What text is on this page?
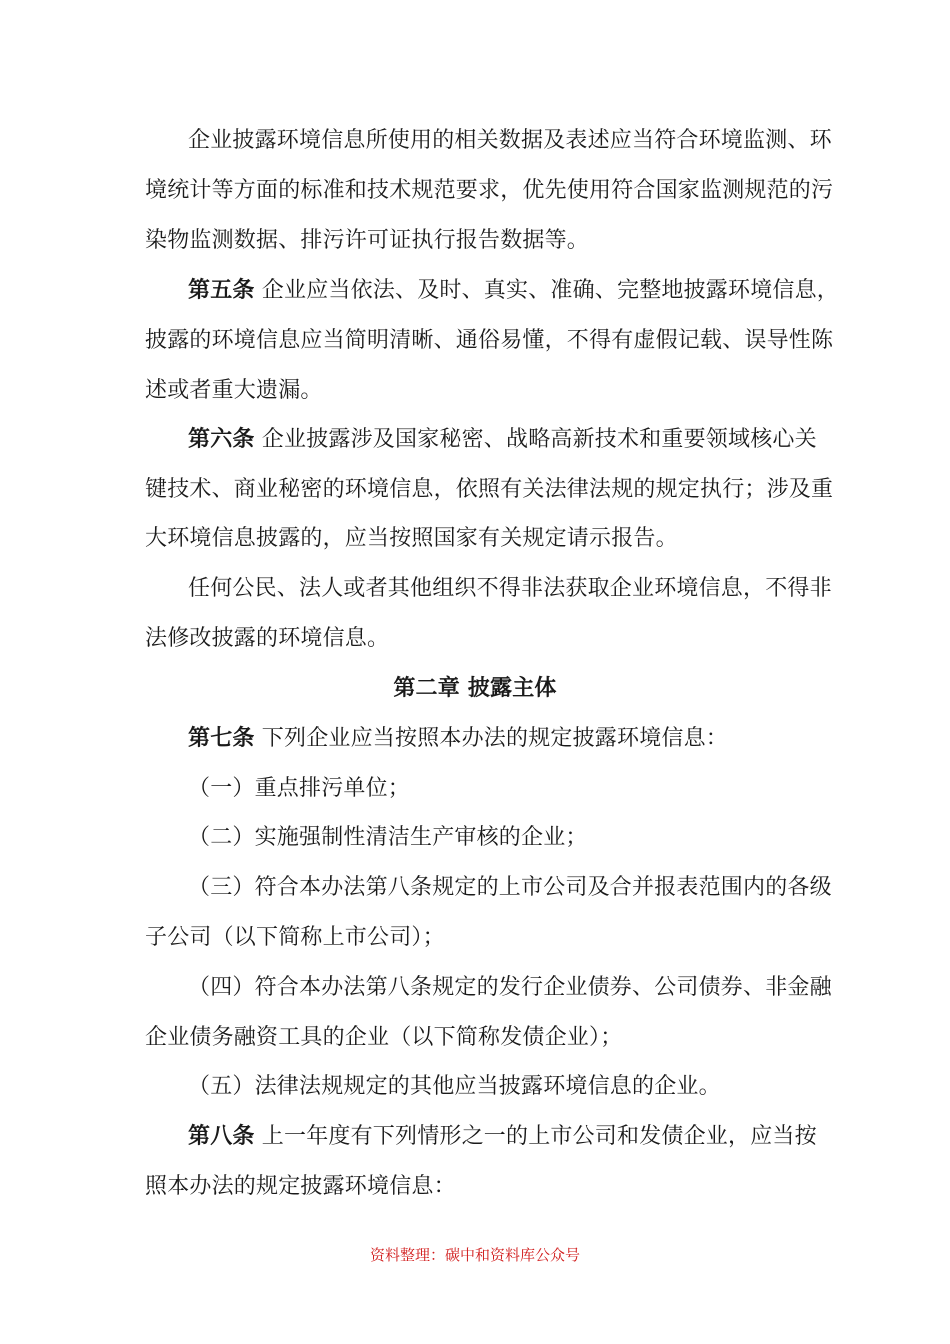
企业披露环境信息所使用的相关数据及表述应当符合环境监测、环
境统计等方面的标准和技术规范要求，优先使用符合国家监测规范的污
染物监测数据、排污许可证执行报告数据等。
第五条 企业应当依法、及时、真实、准确、完整地披露环境信息，
披露的环境信息应当简明清晰、通俗易懂，不得有虚假记载、误导性陈
述或者重大遗漏。
第六条 企业披露涉及国家秘密、战略高新技术和重要领域核心关
键技术、商业秘密的环境信息，依照有关法律法规的规定执行；涉及重
大环境信息披露的，应当按照国家有关规定请示报告。
任何公民、法人或者其他组织不得非法获取企业环境信息，不得非
法修改披露的环境信息。
第二章 披露主体
第七条 下列企业应当按照本办法的规定披露环境信息：
（一）重点排污单位；
（二）实施强制性清洁生产审核的企业；
（三）符合本办法第八条规定的上市公司及合并报表范围内的各级
子公司（以下简称上市公司）；
（四）符合本办法第八条规定的发行企业债券、公司债券、非金融
企业债务融资工具的企业（以下简称发债企业）；
（五）法律法规规定的其他应当披露环境信息的企业。
第八条 上一年度有下列情形之一的上市公司和发债企业，应当按
照本办法的规定披露环境信息：
资料整理：碳中和资料库公众号
